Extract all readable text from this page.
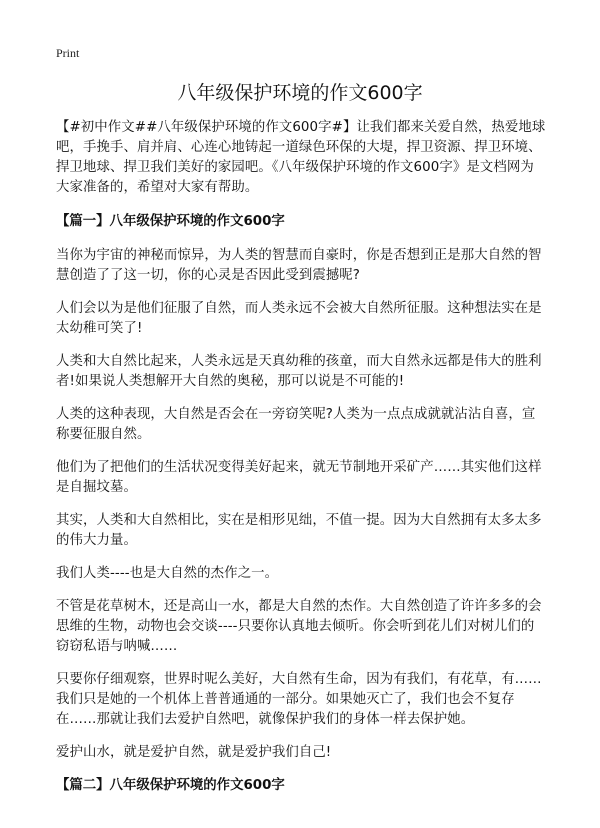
Print
八年级保护环境的作文600字

【#初中作文##八年级保护环境的作文600字#】让我们都来关爱自然，热爱地球吧，手挽手、肩并肩、心连心地铸起一道绿色环保的大堤，捍卫资源、捍卫环境、捍卫地球、捍卫我们美好的家园吧。《八年级保护环境的作文600字》是文档网为大家准备的，希望对大家有帮助。

【篇一】八年级保护环境的作文600字

当你为宇宙的神秘而惊异，为人类的智慧而自豪时，你是否想到正是那大自然的智慧创造了了这一切，你的心灵是否因此受到震撼呢?

人们会以为是他们征服了自然，而人类永远不会被大自然所征服。这种想法实在是太幼稚可笑了!

人类和大自然比起来，人类永远是天真幼稚的孩童，而大自然永远都是伟大的胜利者!如果说人类想解开大自然的奥秘，那可以说是不可能的!

人类的这种表现，大自然是否会在一旁窃笑呢?人类为一点点成就就沾沾自喜，宣称要征服自然。

他们为了把他们的生活状况变得美好起来，就无节制地开采矿产……其实他们这样是自掘坟墓。

其实，人类和大自然相比，实在是相形见绌，不值一提。因为大自然拥有太多太多的伟大力量。

我们人类----也是大自然的杰作之一。

不管是花草树木，还是高山一水，都是大自然的杰作。大自然创造了许许多多的会思维的生物，动物也会交谈----只要你认真地去倾听。你会听到花儿们对树儿们的窃窃私语与呐喊……

只要你仔细观察，世界时呢么美好，大自然有生命，因为有我们，有花草，有……我们只是她的一个机体上普普通通的一部分。如果她灭亡了，我们也会不复存在……那就让我们去爱护自然吧，就像保护我们的身体一样去保护她。

爱护山水，就是爱护自然，就是爱护我们自己!

【篇二】八年级保护环境的作文600字
